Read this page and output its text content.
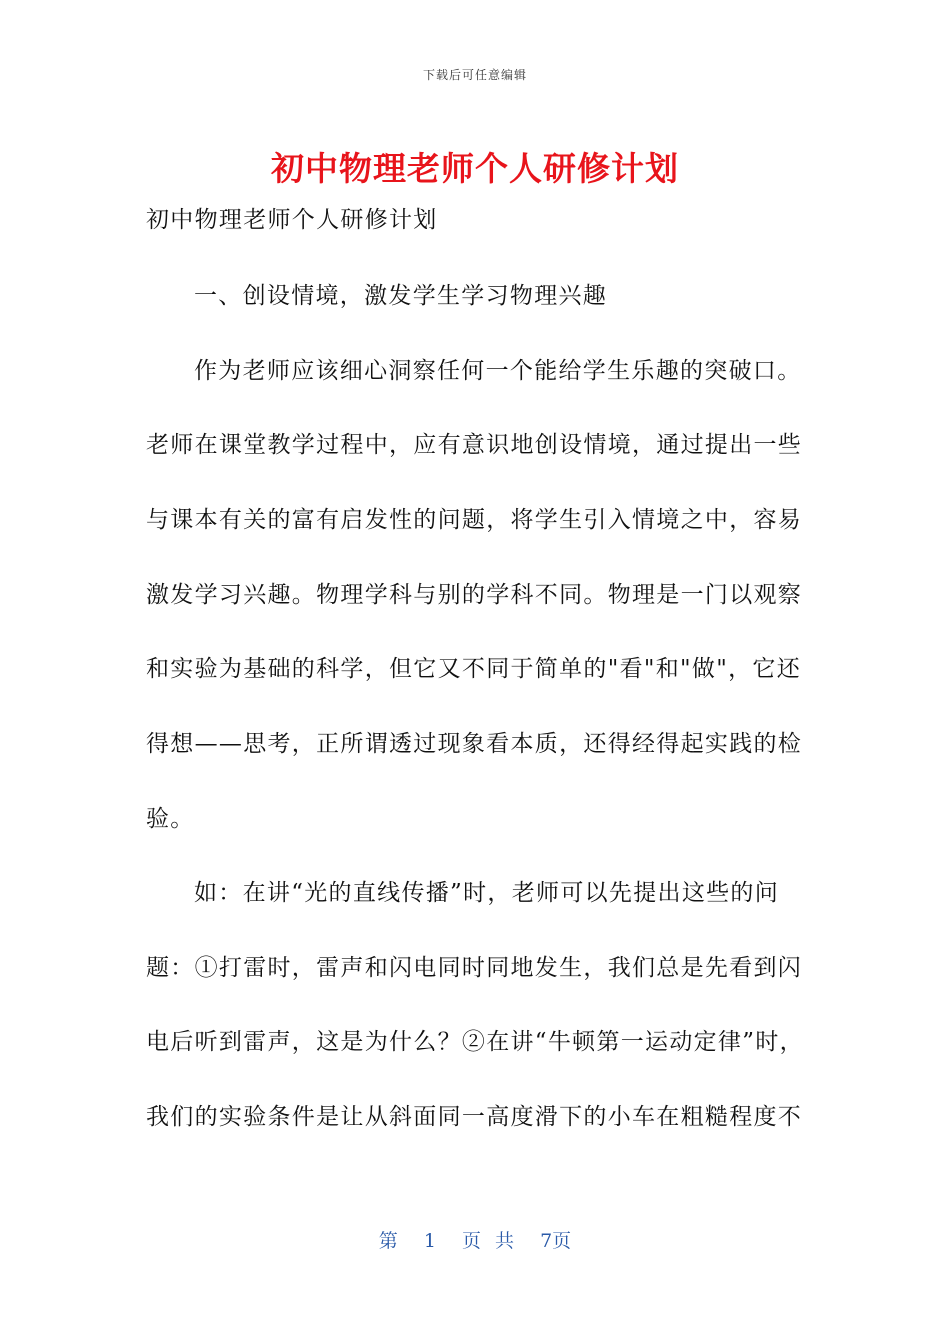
下载后可任意编辑
初中物理老师个人研修计划
初中物理老师个人研修计划
一、创设情境，激发学生学习物理兴趣
作为老师应该细心洞察任何一个能给学生乐趣的突破口。
老师在课堂教学过程中，应有意识地创设情境，通过提出一些
与课本有关的富有启发性的问题，将学生引入情境之中，容易
激发学习兴趣。物理学科与别的学科不同。物理是一门以观察
和实验为基础的科学，但它又不同于简单的"看"和"做"，它还
得想——思考，正所谓透过现象看本质，还得经得起实践的检
验。
如：在讲“光的直线传播”时，老师可以先提出这些的问
题：①打雷时，雷声和闪电同时同地发生，我们总是先看到闪
电后听到雷声，这是为什么？②在讲“牛顿第一运动定律”时，
我们的实验条件是让从斜面同一高度滑下的小车在粗糙程度不
第 1 页 共 7页
